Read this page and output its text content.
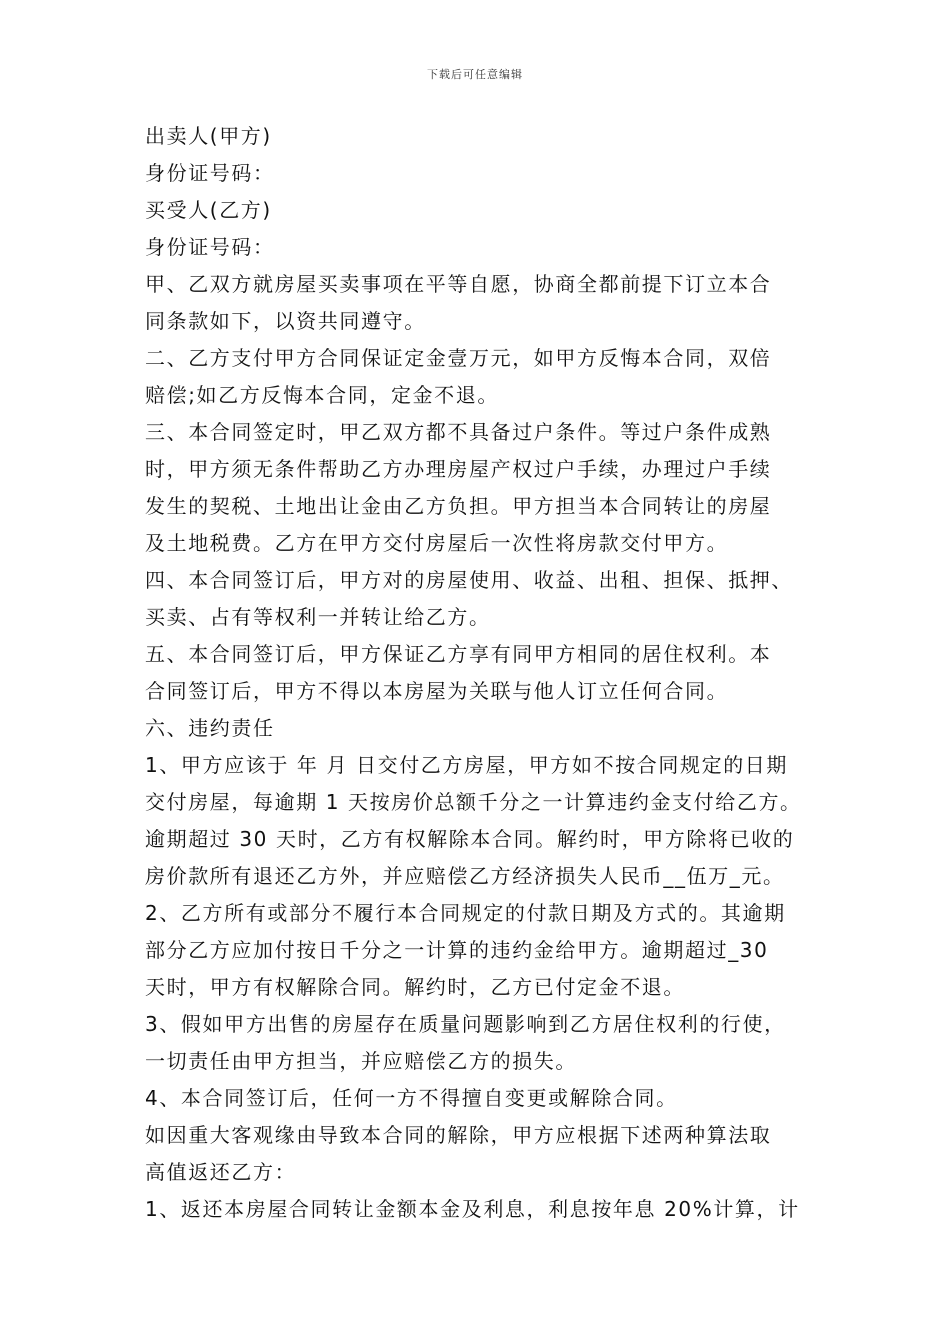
下载后可任意编辑
出卖人(甲方)
身份证号码：
买受人(乙方)
身份证号码：
甲、乙双方就房屋买卖事项在平等自愿，协商全都前提下订立本合
同条款如下，以资共同遵守。
二、乙方支付甲方合同保证定金壹万元，如甲方反悔本合同，双倍
赔偿;如乙方反悔本合同，定金不退。
三、本合同签定时，甲乙双方都不具备过户条件。等过户条件成熟
时，甲方须无条件帮助乙方办理房屋产权过户手续，办理过户手续
发生的契税、土地出让金由乙方负担。甲方担当本合同转让的房屋
及土地税费。乙方在甲方交付房屋后一次性将房款交付甲方。
四、本合同签订后，甲方对的房屋使用、收益、出租、担保、抵押、
买卖、占有等权利一并转让给乙方。
五、本合同签订后，甲方保证乙方享有同甲方相同的居住权利。本
合同签订后，甲方不得以本房屋为关联与他人订立任何合同。
六、违约责任
1、甲方应该于 年 月 日交付乙方房屋，甲方如不按合同规定的日期
交付房屋，每逾期 1 天按房价总额千分之一计算违约金支付给乙方。
逾期超过 30 天时，乙方有权解除本合同。解约时，甲方除将已收的
房价款所有退还乙方外，并应赔偿乙方经济损失人民币__伍万_元。
2、乙方所有或部分不履行本合同规定的付款日期及方式的。其逾期
部分乙方应加付按日千分之一计算的违约金给甲方。逾期超过_30
天时，甲方有权解除合同。解约时，乙方已付定金不退。
3、假如甲方出售的房屋存在质量问题影响到乙方居住权利的行使，
一切责任由甲方担当，并应赔偿乙方的损失。
4、本合同签订后，任何一方不得擅自变更或解除合同。
如因重大客观缘由导致本合同的解除，甲方应根据下述两种算法取
高值返还乙方：
1、返还本房屋合同转让金额本金及利息，利息按年息 20%计算，计
